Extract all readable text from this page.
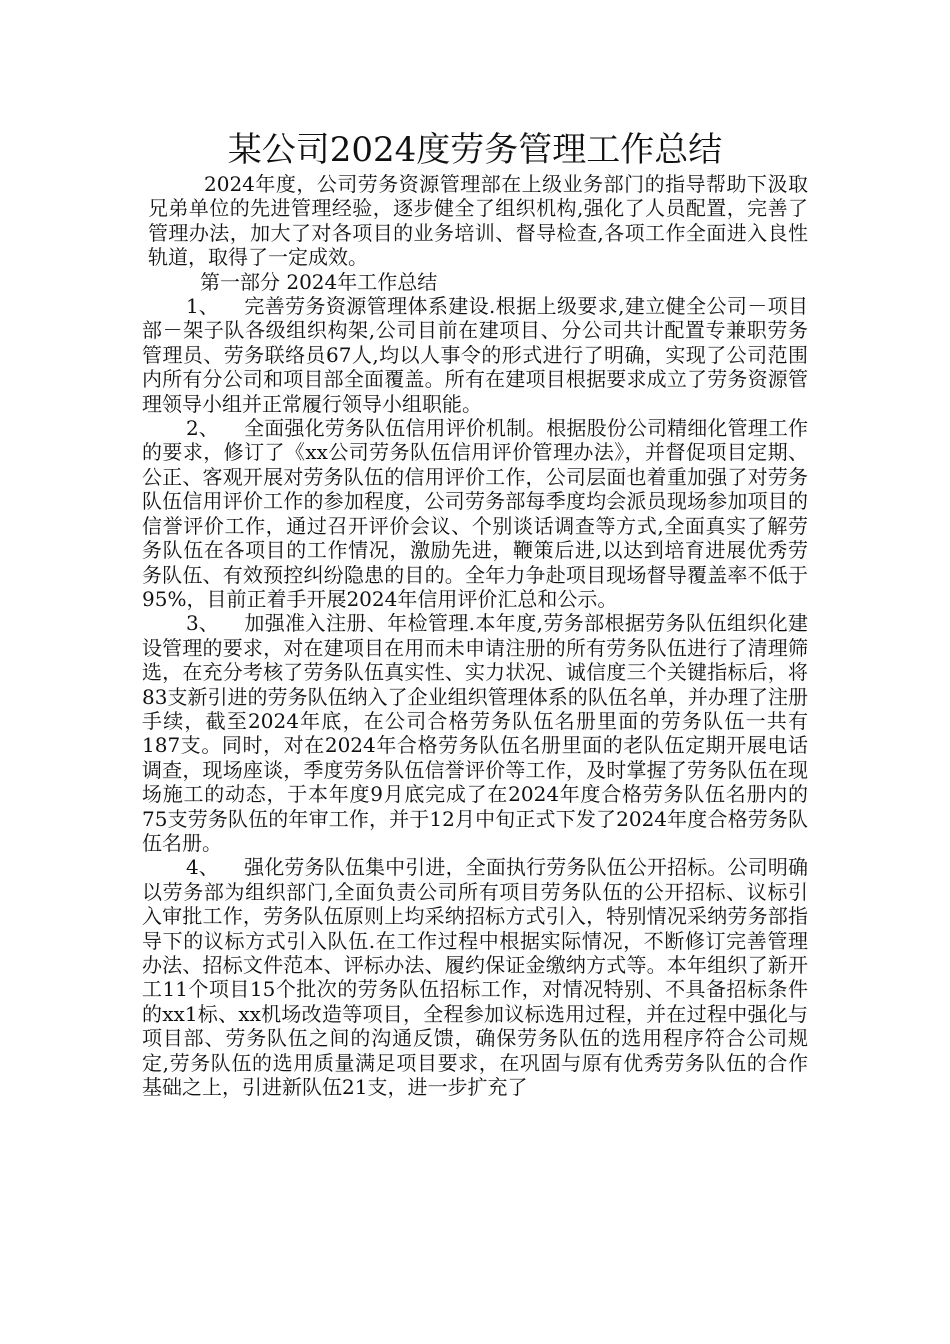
某公司2024度劳务管理工作总结

2024年度，公司劳务资源管理部在上级业务部门的指导帮助下汲取兄弟单位的先进管理经验，逐步健全了组织机构,强化了人员配置，完善了管理办法，加大了对各项目的业务培训、督导检查,各项工作全面进入良性轨道，取得了一定成效。

第一部分 2024年工作总结

1、 完善劳务资源管理体系建设.根据上级要求,建立健全公司－项目部－架子队各级组织构架,公司目前在建项目、分公司共计配置专兼职劳务管理员、劳务联络员67人,均以人事令的形式进行了明确，实现了公司范围内所有分公司和项目部全面覆盖。所有在建项目根据要求成立了劳务资源管理领导小组并正常履行领导小组职能。

2、 全面强化劳务队伍信用评价机制。根据股份公司精细化管理工作的要求，修订了《xx公司劳务队伍信用评价管理办法》，并督促项目定期、公正、客观开展对劳务队伍的信用评价工作，公司层面也着重加强了对劳务队伍信用评价工作的参加程度，公司劳务部每季度均会派员现场参加项目的信誉评价工作，通过召开评价会议、个别谈话调查等方式,全面真实了解劳务队伍在各项目的工作情况，激励先进，鞭策后进,以达到培育进展优秀劳务队伍、有效预控纠纷隐患的目的。全年力争赴项目现场督导覆盖率不低于95%，目前正着手开展2024年信用评价汇总和公示。

3、 加强准入注册、年检管理.本年度,劳务部根据劳务队伍组织化建设管理的要求，对在建项目在用而未申请注册的所有劳务队伍进行了清理筛选，在充分考核了劳务队伍真实性、实力状况、诚信度三个关键指标后，将83支新引进的劳务队伍纳入了企业组织管理体系的队伍名单，并办理了注册手续，截至2024年底，在公司合格劳务队伍名册里面的劳务队伍一共有187支。同时，对在2024年合格劳务队伍名册里面的老队伍定期开展电话调查，现场座谈，季度劳务队伍信誉评价等工作，及时掌握了劳务队伍在现场施工的动态，于本年度9月底完成了在2024年度合格劳务队伍名册内的75支劳务队伍的年审工作，并于12月中旬正式下发了2024年度合格劳务队伍名册。

4、 强化劳务队伍集中引进，全面执行劳务队伍公开招标。公司明确以劳务部为组织部门,全面负责公司所有项目劳务队伍的公开招标、议标引入审批工作，劳务队伍原则上均采纳招标方式引入，特别情况采纳劳务部指导下的议标方式引入队伍.在工作过程中根据实际情况，不断修订完善管理办法、招标文件范本、评标办法、履约保证金缴纳方式等。本年组织了新开工11个项目15个批次的劳务队伍招标工作，对情况特别、不具备招标条件的xx1标、xx机场改造等项目，全程参加议标选用过程，并在过程中强化与项目部、劳务队伍之间的沟通反馈，确保劳务队伍的选用程序符合公司规定,劳务队伍的选用质量满足项目要求，在巩固与原有优秀劳务队伍的合作基础之上，引进新队伍21支，进一步扩充了
